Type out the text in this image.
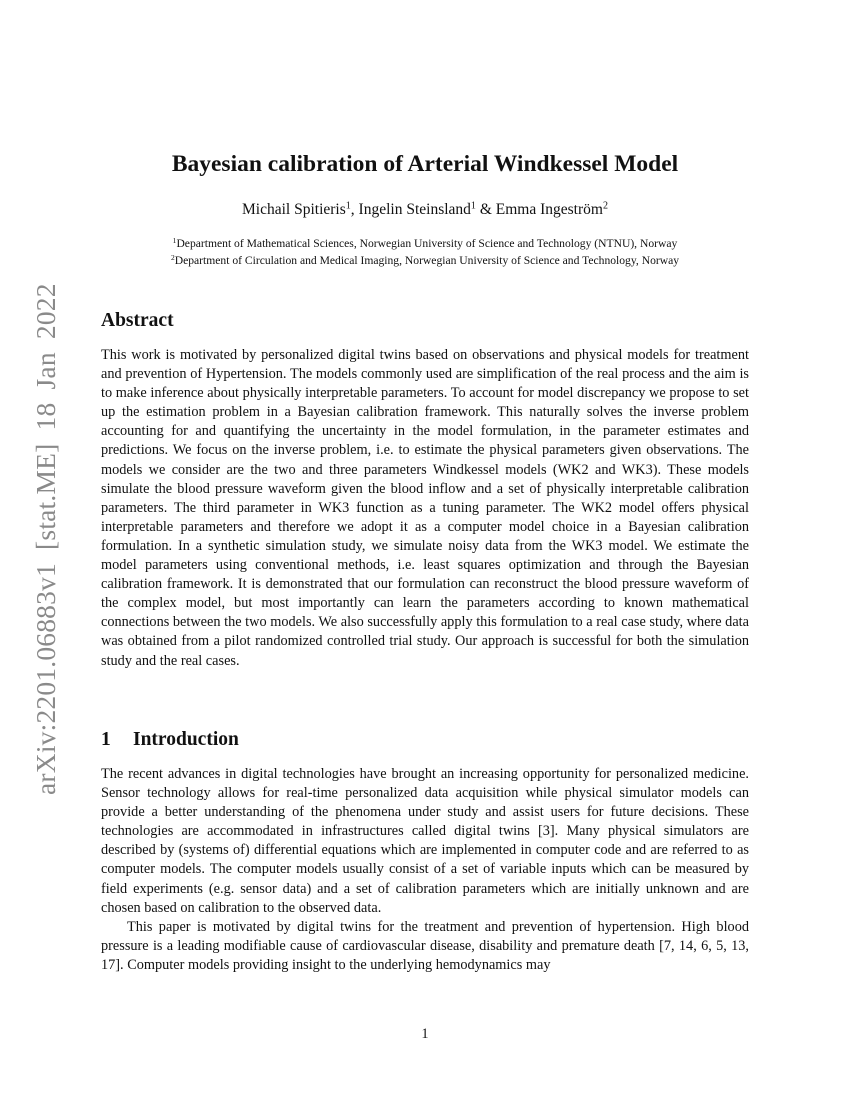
arXiv:2201.06883v1 [stat.ME] 18 Jan 2022
Bayesian calibration of Arterial Windkessel Model
Michail Spitieris$^1$, Ingelin Steinsland$^1$ & Emma Ingeström$^2$
$^1$Department of Mathematical Sciences, Norwegian University of Science and Technology (NTNU), Norway
$^2$Department of Circulation and Medical Imaging, Norwegian University of Science and Technology, Norway
Abstract
This work is motivated by personalized digital twins based on observations and physical models for treatment and prevention of Hypertension. The models commonly used are simplification of the real process and the aim is to make inference about physically interpretable parameters. To account for model discrepancy we propose to set up the estimation problem in a Bayesian calibration framework. This naturally solves the inverse problem accounting for and quantifying the uncertainty in the model formulation, in the parameter estimates and predictions. We focus on the inverse problem, i.e. to estimate the physical parameters given observations. The models we consider are the two and three parameters Windkessel models (WK2 and WK3). These models simulate the blood pressure waveform given the blood inflow and a set of physically interpretable calibration parameters. The third parameter in WK3 function as a tuning parameter. The WK2 model offers physical interpretable parameters and therefore we adopt it as a computer model choice in a Bayesian calibration formulation. In a synthetic simulation study, we simulate noisy data from the WK3 model. We estimate the model parameters using conventional methods, i.e. least squares optimization and through the Bayesian calibration framework. It is demonstrated that our formulation can reconstruct the blood pressure waveform of the complex model, but most importantly can learn the parameters according to known mathematical connections between the two models. We also successfully apply this formulation to a real case study, where data was obtained from a pilot randomized controlled trial study. Our approach is successful for both the simulation study and the real cases.
1 Introduction

The recent advances in digital technologies have brought an increasing opportunity for personalized medicine. Sensor technology allows for real-time personalized data acquisition while physical simulator models can provide a better understanding of the phenomena under study and assist users for future decisions. These technologies are accommodated in infrastructures called digital twins [3]. Many physical simulators are described by (systems of) differential equations which are implemented in computer code and are referred to as computer models. The computer models usually consist of a set of variable inputs which can be measured by field experiments (e.g. sensor data) and a set of calibration parameters which are initially unknown and are chosen based on calibration to the observed data.

This paper is motivated by digital twins for the treatment and prevention of hypertension. High blood pressure is a leading modifiable cause of cardiovascular disease, disability and premature death [7, 14, 6, 5, 13, 17]. Computer models providing insight to the underlying hemodynamics may

1
